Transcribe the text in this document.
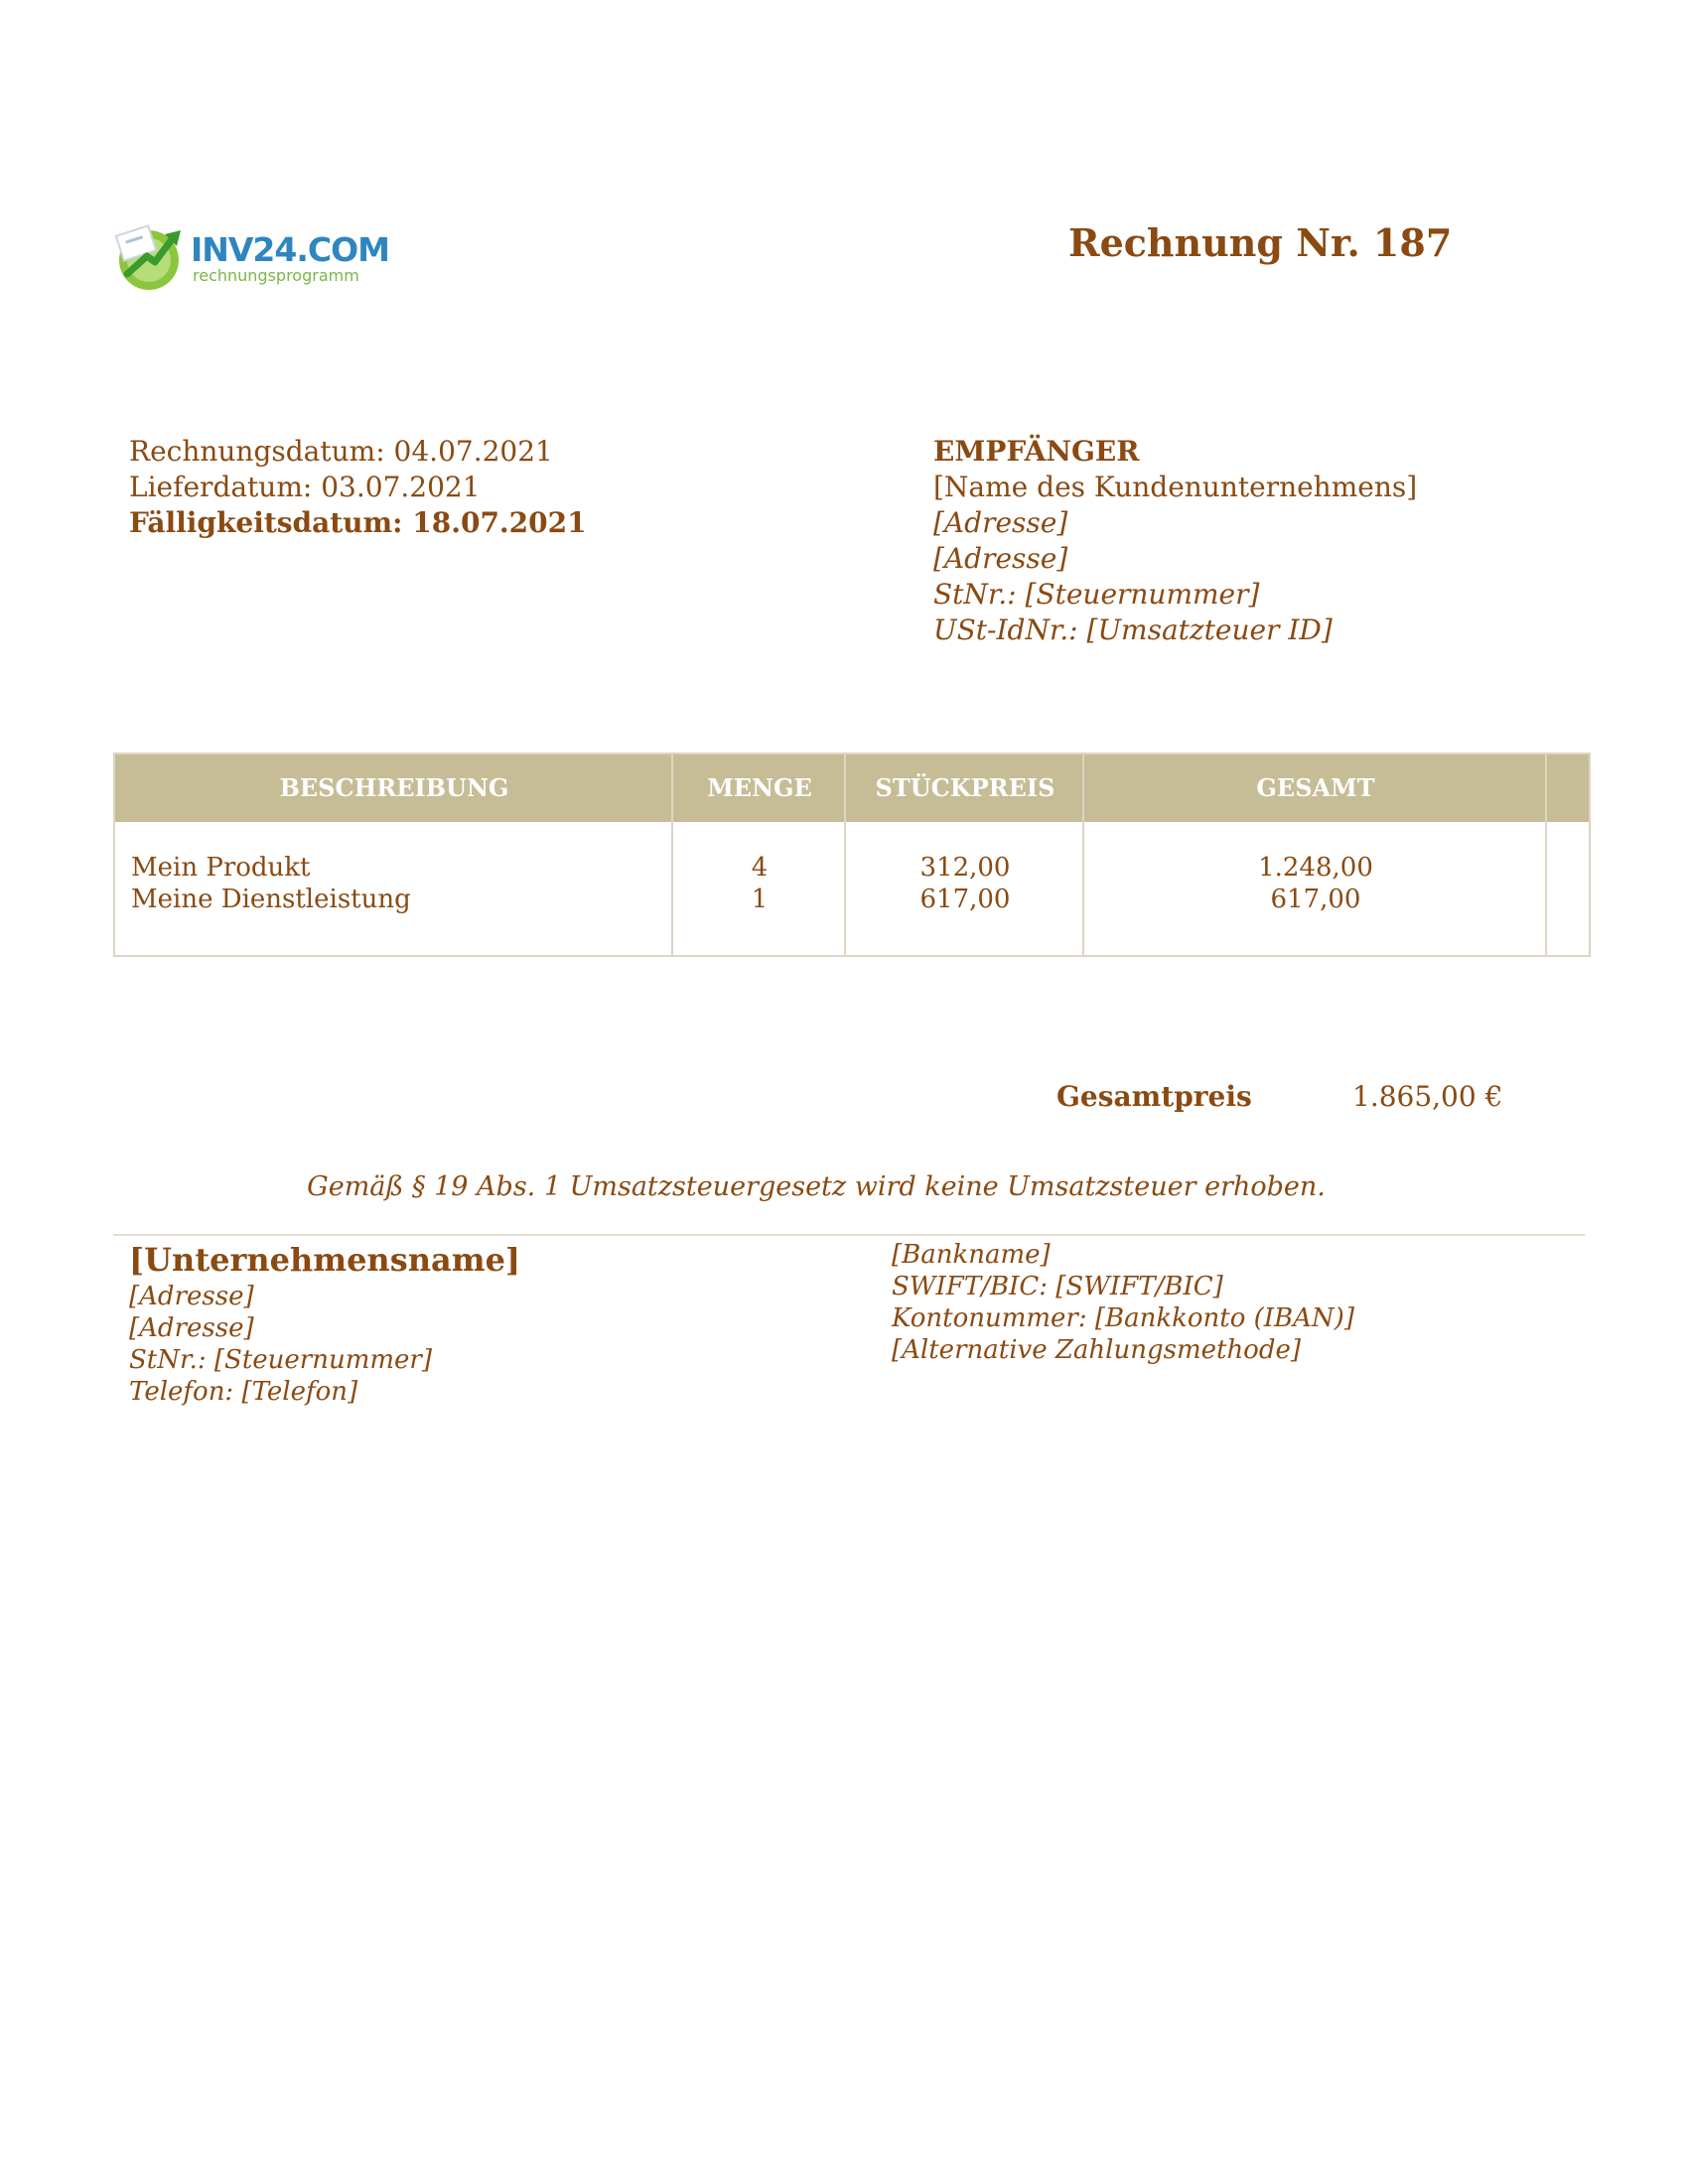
INV24.COM
rechnungsprogramm
Rechnung Nr. 187
Rechnungsdatum: 04.07.2021
Lieferdatum: 03.07.2021
Fälligkeitsdatum: 18.07.2021
EMPFÄNGER
[Name des Kundenunternehmens]
[Adresse]
[Adresse]
StNr.: [Steuernummer]
USt-IdNr.: [Umsatzteuer ID]
BESCHREIBUNG	MENGE	STÜCKPREIS	GESAMT
Mein Produkt	4	312,00	1.248,00
Meine Dienstleistung	1	617,00	617,00
Gesamtpreis	1.865,00 €
Gemäß § 19 Abs. 1 Umsatzsteuergesetz wird keine Umsatzsteuer erhoben.
[Unternehmensname]
[Adresse]
[Adresse]
StNr.: [Steuernummer]
Telefon: [Telefon]
[Bankname]
SWIFT/BIC: [SWIFT/BIC]
Kontonummer: [Bankkonto (IBAN)]
[Alternative Zahlungsmethode]
